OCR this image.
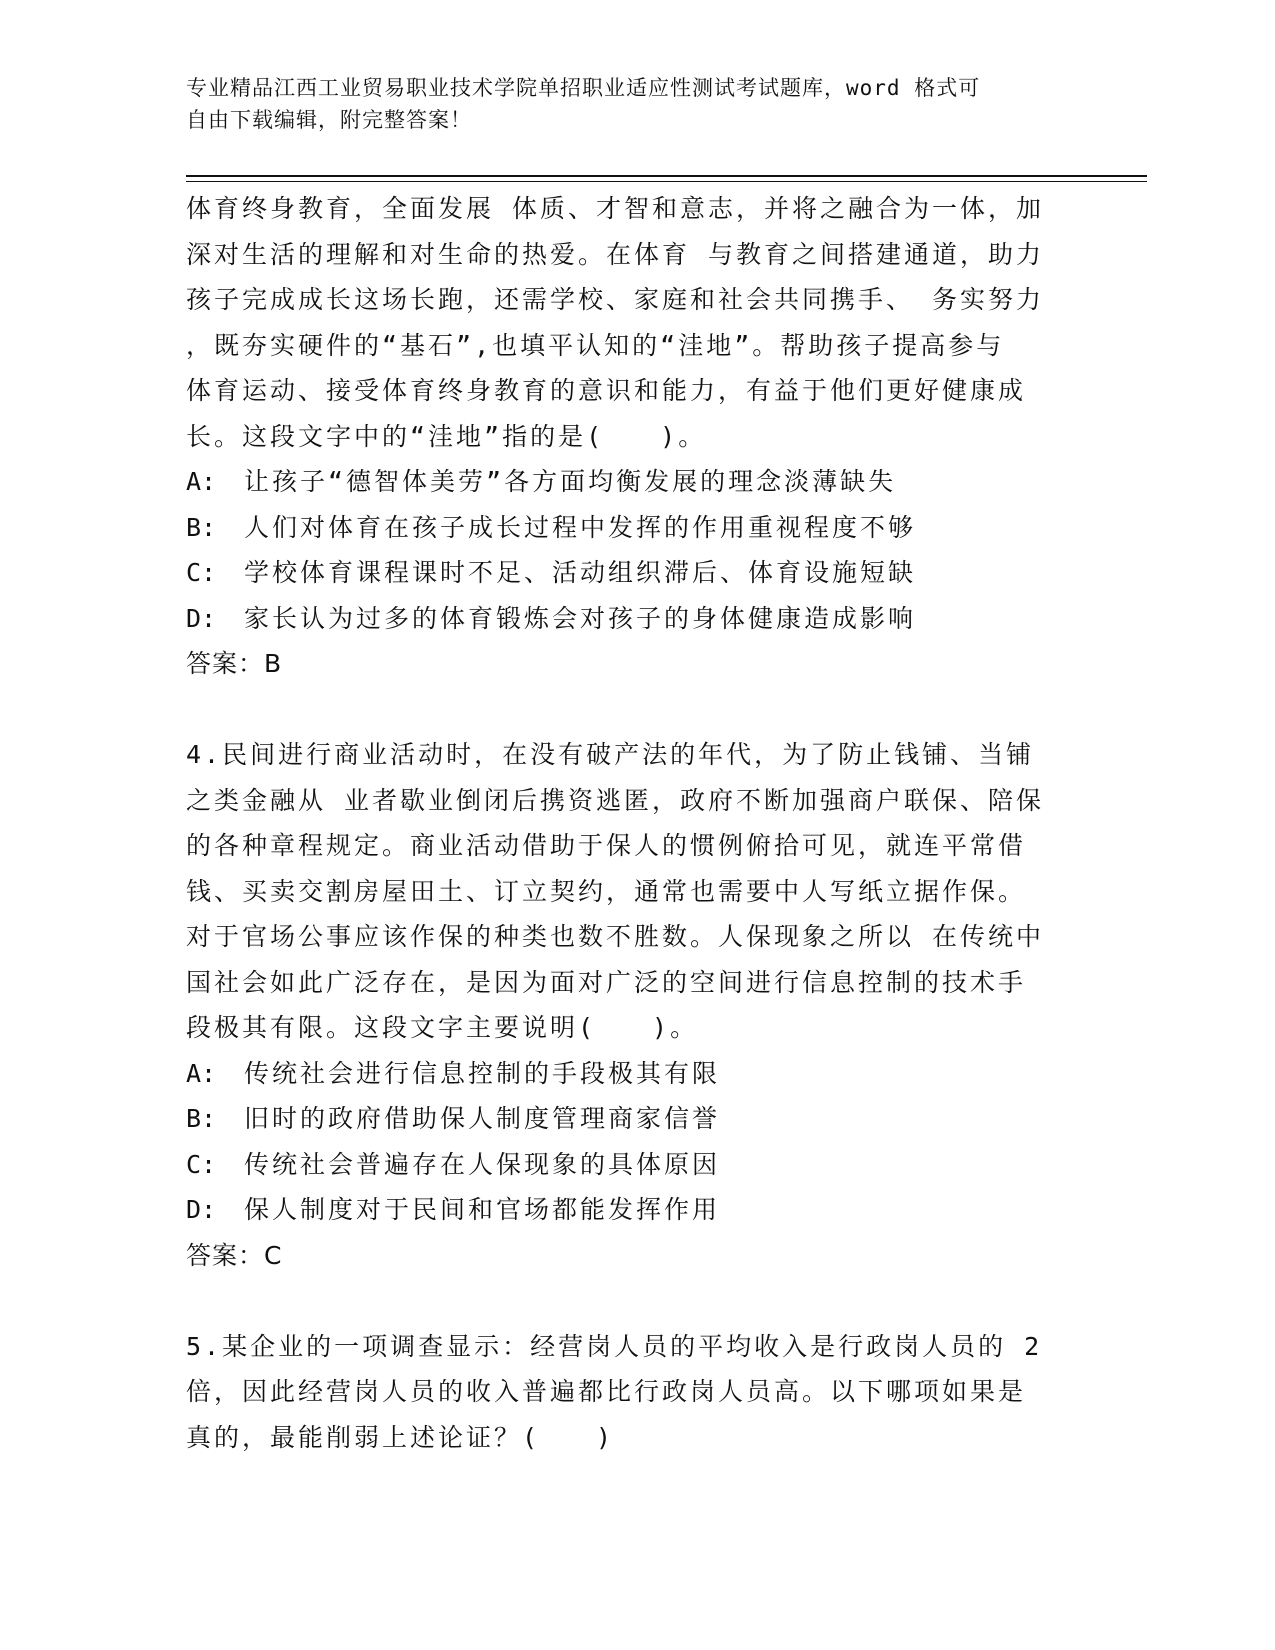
专业精品江西工业贸易职业技术学院单招职业适应性测试考试题库，word 格式可
自由下载编辑，附完整答案！
体育终身教育，全面发展 体质、才智和意志，并将之融合为一体，加
深对生活的理解和对生命的热爱。在体育 与教育之间搭建通道，助力
孩子完成成长这场长跑，还需学校、家庭和社会共同携手、 务实努力
，既夯实硬件的“基石”,也填平认知的“洼地”。帮助孩子提高参与
体育运动、接受体育终身教育的意识和能力，有益于他们更好健康成
长。这段文字中的“洼地”指的是(　　)。
A: 让孩子“德智体美劳”各方面均衡发展的理念淡薄缺失
B: 人们对体育在孩子成长过程中发挥的作用重视程度不够
C: 学校体育课程课时不足、活动组织滞后、体育设施短缺
D: 家长认为过多的体育锻炼会对孩子的身体健康造成影响
答案：B
4.民间进行商业活动时，在没有破产法的年代，为了防止钱铺、当铺
之类金融从 业者歇业倒闭后携资逃匿，政府不断加强商户联保、陪保
的各种章程规定。商业活动借助于保人的惯例俯拾可见，就连平常借
钱、买卖交割房屋田土、订立契约，通常也需要中人写纸立据作保。
对于官场公事应该作保的种类也数不胜数。人保现象之所以 在传统中
国社会如此广泛存在，是因为面对广泛的空间进行信息控制的技术手
段极其有限。这段文字主要说明(　　)。
A: 传统社会进行信息控制的手段极其有限
B: 旧时的政府借助保人制度管理商家信誉
C: 传统社会普遍存在人保现象的具体原因
D: 保人制度对于民间和官场都能发挥作用
答案：C
5.某企业的一项调查显示：经营岗人员的平均收入是行政岗人员的 2
倍，因此经营岗人员的收入普遍都比行政岗人员高。以下哪项如果是
真的，最能削弱上述论证？(　　)
